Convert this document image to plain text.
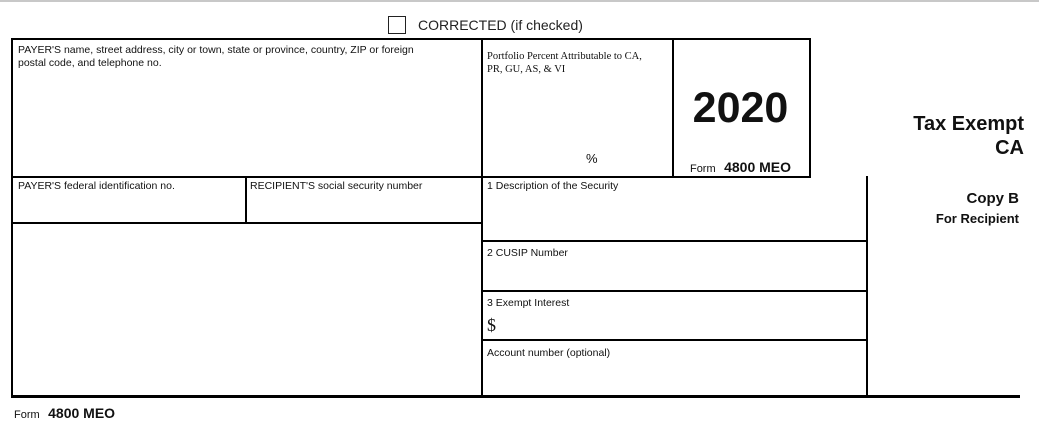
CORRECTED (if checked)
PAYER'S name, street address, city or town, state or province, country, ZIP or foreign postal code, and telephone no.
Portfolio Percent Attributable to CA, PR, GU, AS, & VI
%
2020
Form 4800 MEO
Tax Exempt
CA
PAYER'S federal identification no.	RECIPIENT'S social security number	1 Description of the Security
Copy B
For Recipient
2 CUSIP Number
3 Exempt Interest
$
Account number (optional)
Form 4800 MEO
